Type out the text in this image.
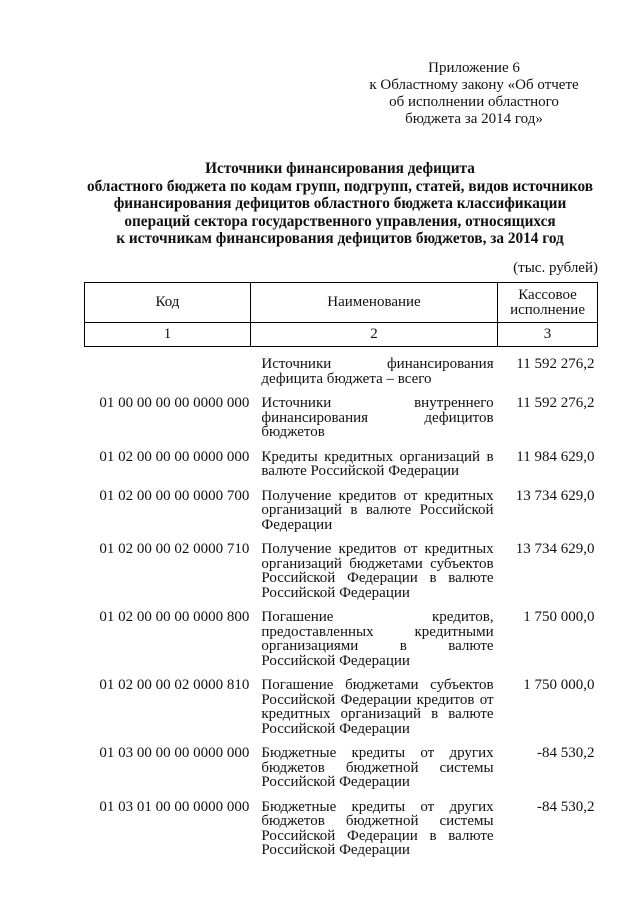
Приложение 6
к Областному закону «Об отчете
об исполнении областного
бюджета за 2014 год»
Источники финансирования дефицита
областного бюджета по кодам групп, подгрупп, статей, видов источников
финансирования дефицитов областного бюджета классификации
операций сектора государственного управления, относящихся
к источникам финансирования дефицитов бюджетов, за 2014 год
(тыс. рублей)
Код	Наименование	Кассовое
исполнение

1	2	3

	Источники финансирования дефицита бюджета – всего	11 592 276,2

01 00 00 00 00 0000 000	Источники внутреннего финансирования дефицитов бюджетов	11 592 276,2

01 02 00 00 00 0000 000	Кредиты кредитных организаций в валюте Российской Федерации	11 984 629,0

01 02 00 00 00 0000 700	Получение кредитов от кредитных организаций в валюте Российской Федерации	13 734 629,0

01 02 00 00 02 0000 710	Получение кредитов от кредитных организаций бюджетами субъектов Российской Федерации в валюте Российской Федерации	13 734 629,0

01 02 00 00 00 0000 800	Погашение кредитов, предоставленных кредитными организациями в валюте Российской Федерации	1 750 000,0

01 02 00 00 02 0000 810	Погашение бюджетами субъектов Российской Федерации кредитов от кредитных организаций в валюте Российской Федерации	1 750 000,0

01 03 00 00 00 0000 000	Бюджетные кредиты от других бюджетов бюджетной системы Российской Федерации	-84 530,2

01 03 01 00 00 0000 000	Бюджетные кредиты от других бюджетов бюджетной системы Российской Федерации в валюте Российской Федерации	-84 530,2
